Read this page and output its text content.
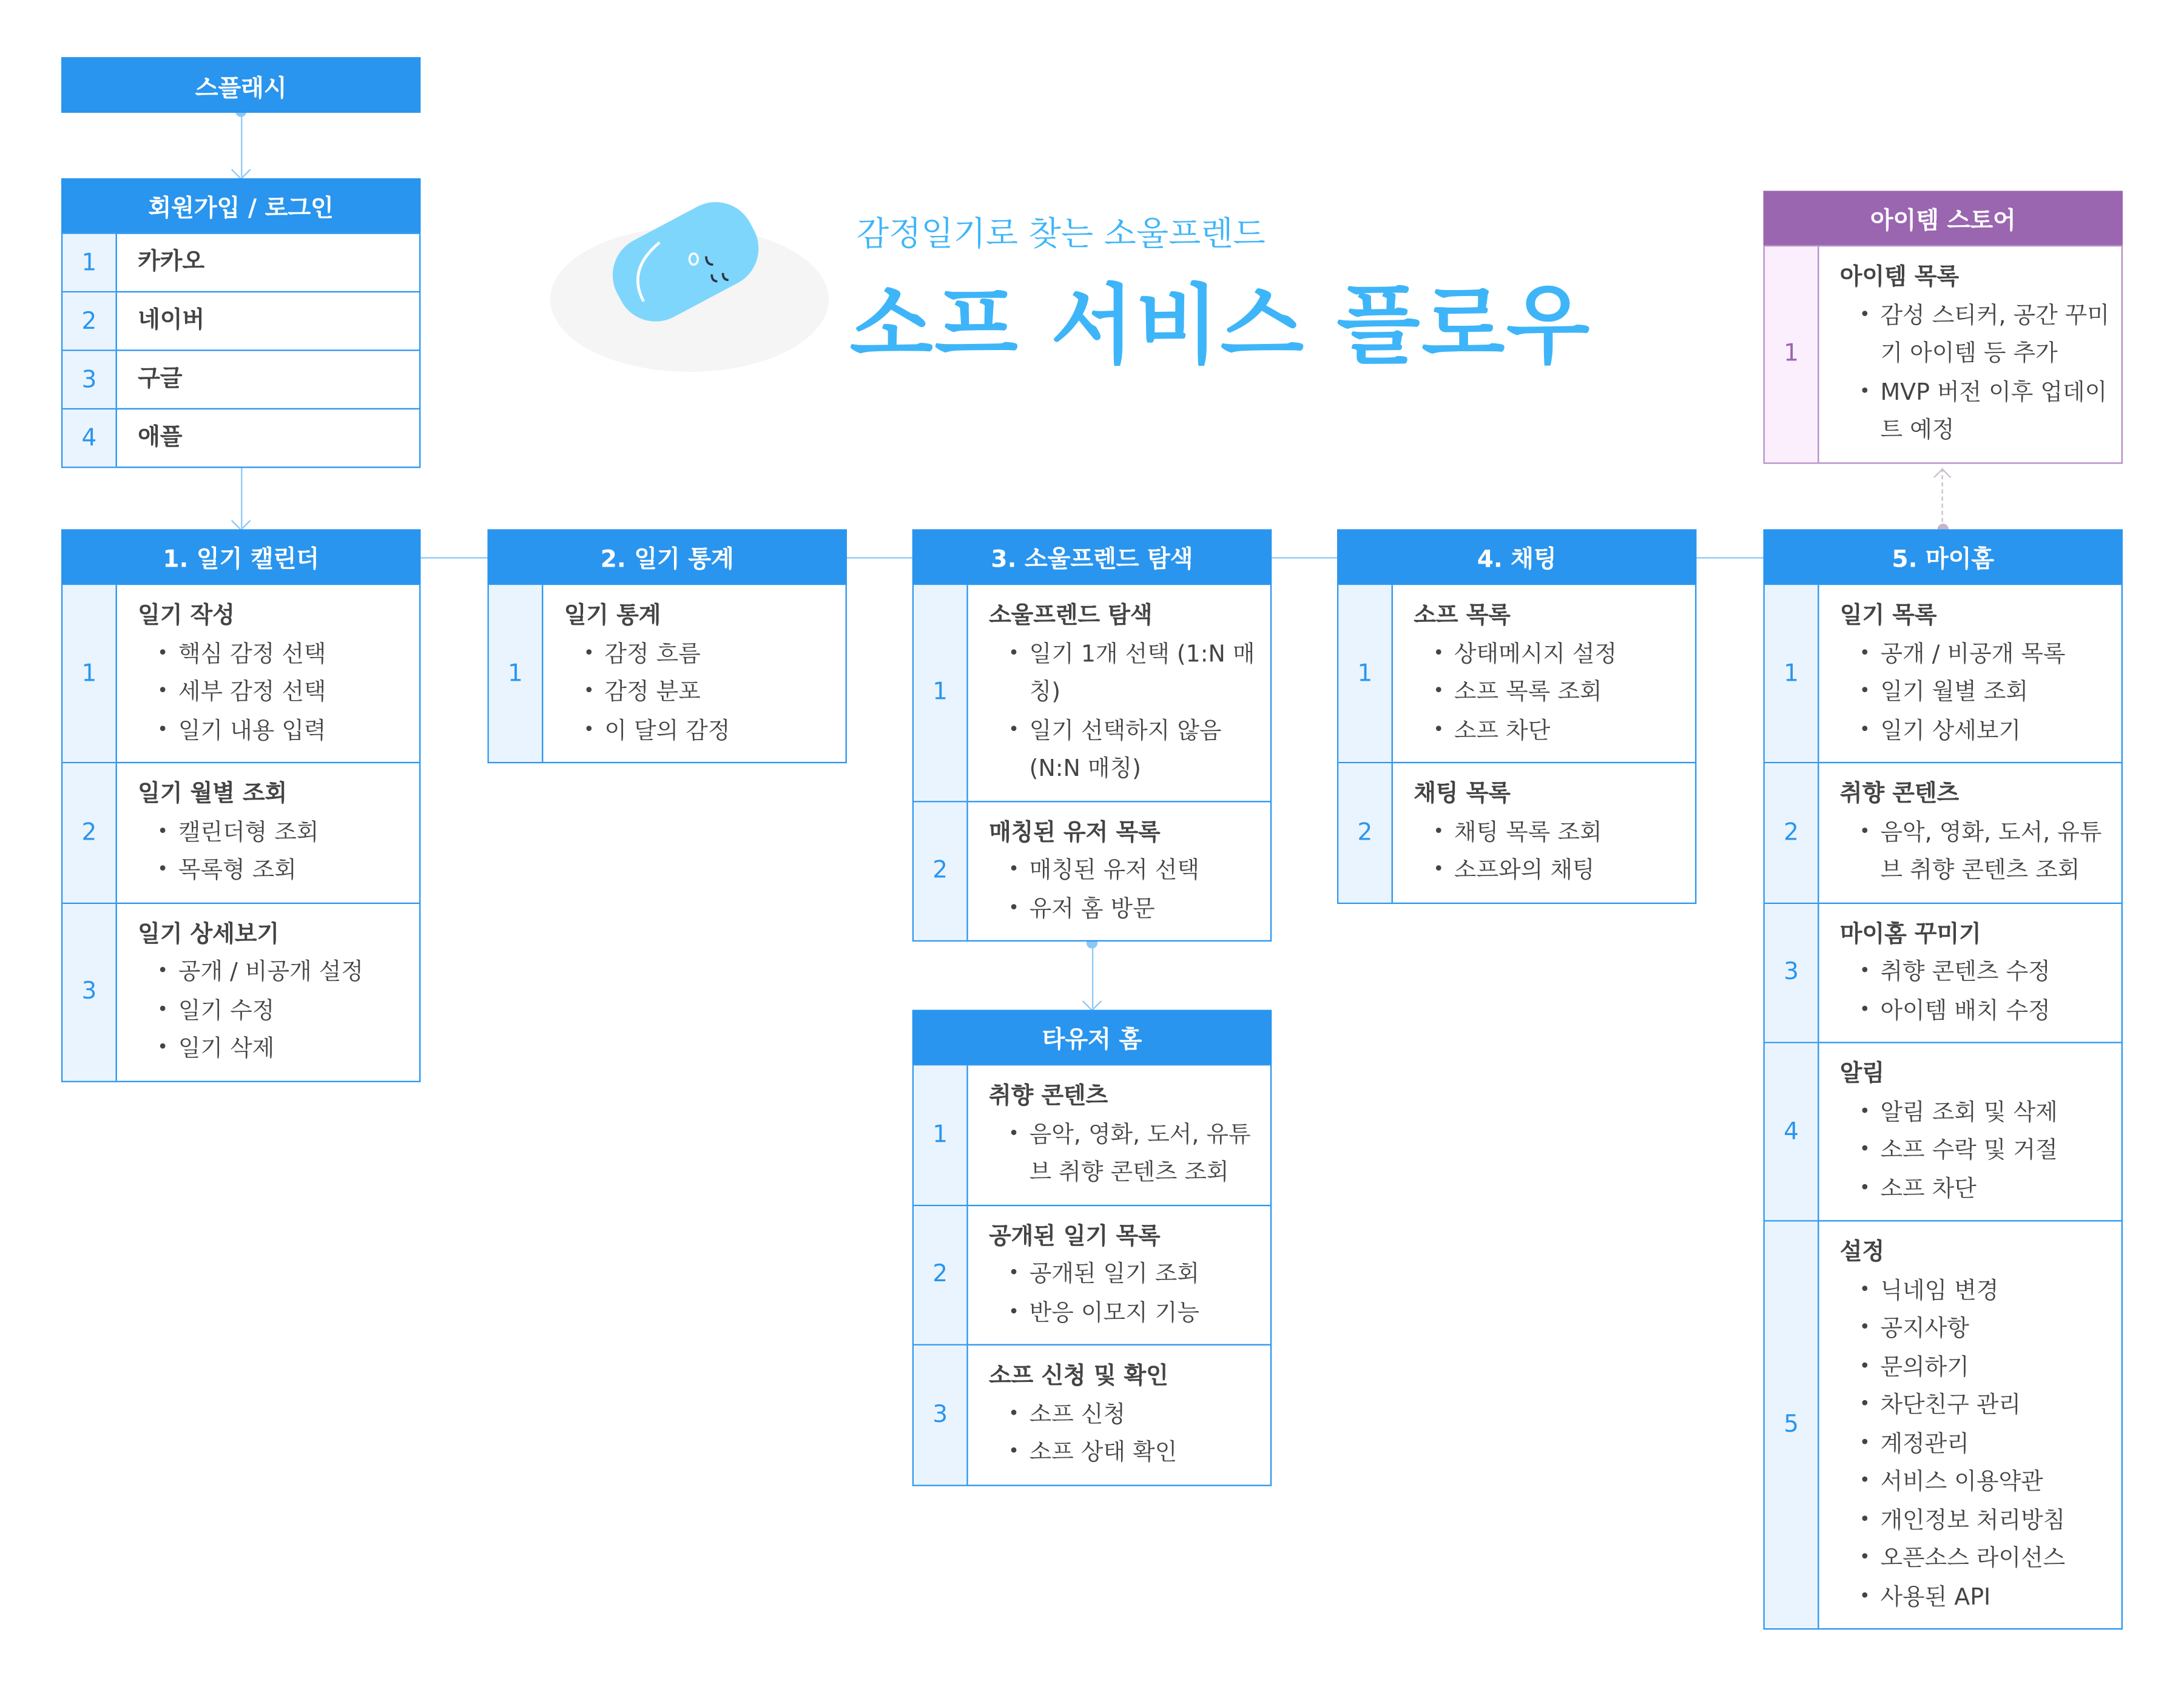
감정일기로 찾는 소울프렌드
소프 서비스 플로우
스플래시
회원가입 / 로그인
1	카카오
2	네이버
3	구글
4	애플
1. 일기 캘린더
1
일기 작성
• 핵심 감정 선택
• 세부 감정 선택
• 일기 내용 입력
2
일기 월별 조회
• 캘린더형 조회
• 목록형 조회
3
일기 상세보기
• 공개 / 비공개 설정
• 일기 수정
• 일기 삭제
2. 일기 통계
1
일기 통계
• 감정 흐름
• 감정 분포
• 이 달의 감정
3. 소울프렌드 탐색
1
소울프렌드 탐색
• 일기 1개 선택 (1:N 매칭)
• 일기 선택하지 않음 (N:N 매칭)
2
매칭된 유저 목록
• 매칭된 유저 선택
• 유저 홈 방문
4. 채팅
1
소프 목록
• 상태메시지 설정
• 소프 목록 조회
• 소프 차단
2
채팅 목록
• 채팅 목록 조회
• 소프와의 채팅
5. 마이홈
1
일기 목록
• 공개 / 비공개 목록
• 일기 월별 조회
• 일기 상세보기
2
취향 콘텐츠
• 음악, 영화, 도서, 유튜브 취향 콘텐츠 조회
3
마이홈 꾸미기
• 취향 콘텐츠 수정
• 아이템 배치 수정
4
알림
• 알림 조회 및 삭제
• 소프 수락 및 거절
• 소프 차단
5
설정
• 닉네임 변경
• 공지사항
• 문의하기
• 차단친구 관리
• 계정관리
• 서비스 이용약관
• 개인정보 처리방침
• 오픈소스 라이선스
• 사용된 API
타유저 홈
1
취향 콘텐츠
• 음악, 영화, 도서, 유튜브 취향 콘텐츠 조회
2
공개된 일기 목록
• 공개된 일기 조회
• 반응 이모지 기능
3
소프 신청 및 확인
• 소프 신청
• 소프 상태 확인
아이템 스토어
1
아이템 목록
• 감성 스티커, 공간 꾸미기 아이템 등 추가
• MVP 버전 이후 업데이트 예정
